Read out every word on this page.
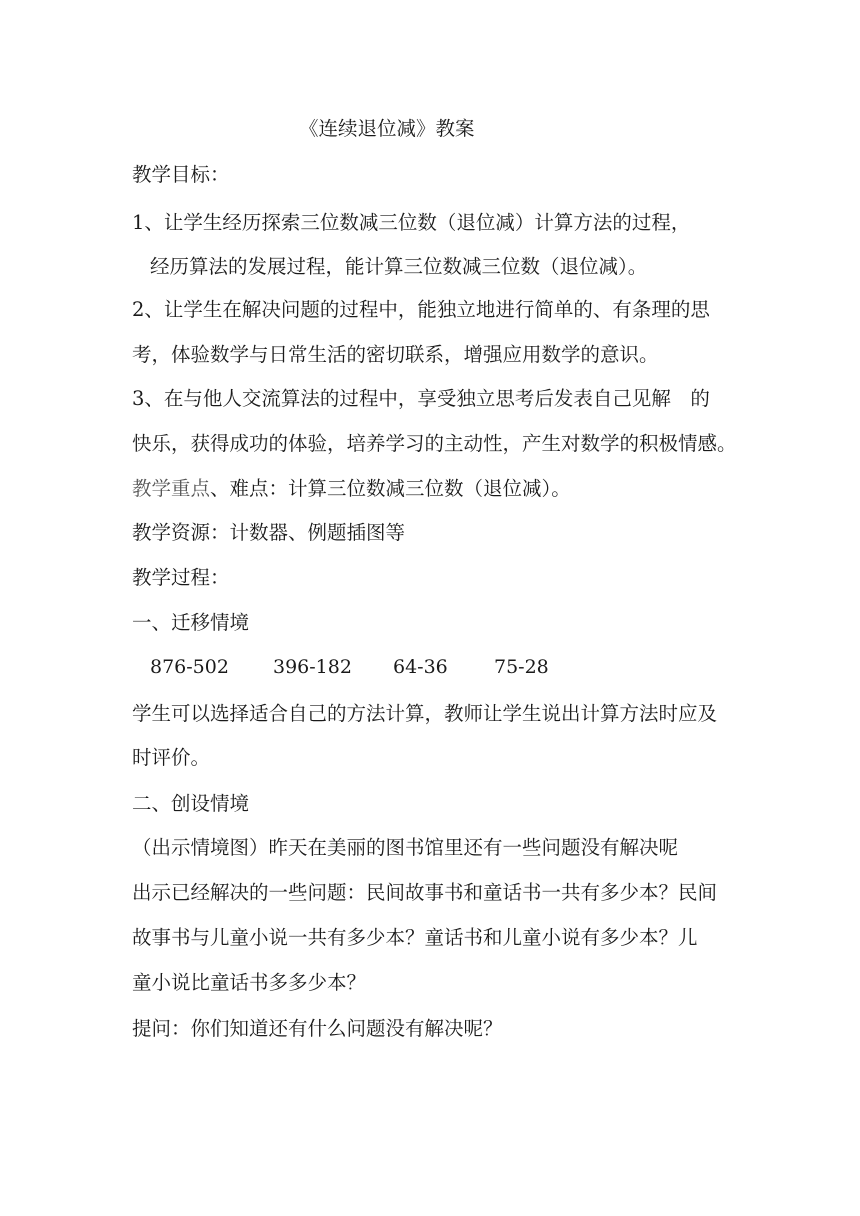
《连续退位减》教案
教学目标：
1、让学生经历探索三位数减三位数（退位减）计算方法的过程，
经历算法的发展过程，能计算三位数减三位数（退位减）。
2、让学生在解决问题的过程中，能独立地进行简单的、有条理的思
考，体验数学与日常生活的密切联系，增强应用数学的意识。
3、在与他人交流算法的过程中，享受独立思考后发表自己见解　的
快乐，获得成功的体验，培养学习的主动性，产生对数学的积极情感。
教学重点、难点：计算三位数减三位数（退位减）。
教学资源：计数器、例题插图等
教学过程：
一、迁移情境
876-502 396-182 64-36 75-28
学生可以选择适合自己的方法计算，教师让学生说出计算方法时应及
时评价。
二、创设情境
（出示情境图）昨天在美丽的图书馆里还有一些问题没有解决呢
出示已经解决的一些问题：民间故事书和童话书一共有多少本？民间
故事书与儿童小说一共有多少本？童话书和儿童小说有多少本？儿
童小说比童话书多多少本？
提问：你们知道还有什么问题没有解决呢？
